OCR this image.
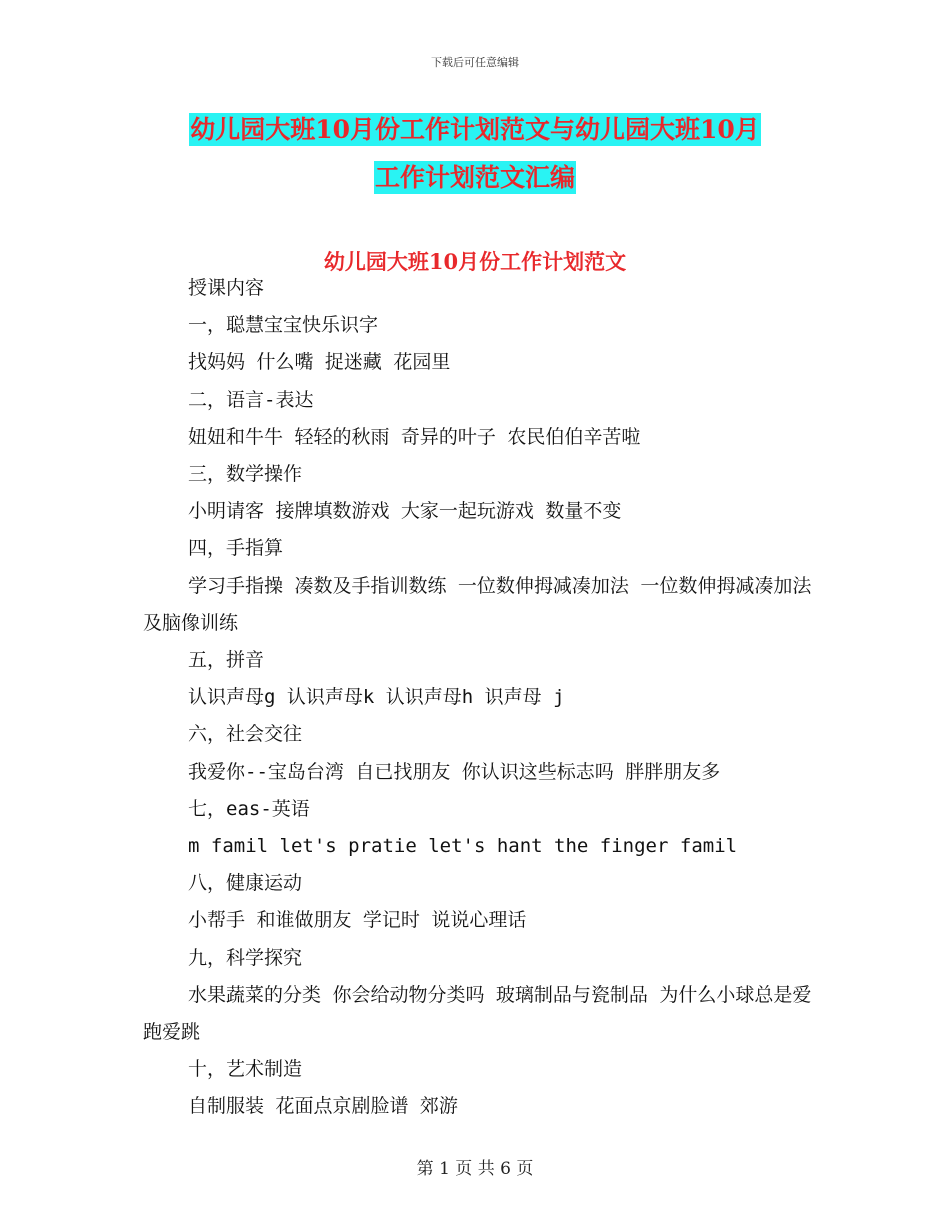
下载后可任意编辑
幼儿园大班10月份工作计划范文与幼儿园大班10月
工作计划范文汇编
幼儿园大班10月份工作计划范文

授课内容

一，聪慧宝宝快乐识字

找妈妈 什么嘴 捉迷藏 花园里

二，语言-表达

妞妞和牛牛 轻轻的秋雨 奇异的叶子 农民伯伯辛苦啦

三，数学操作

小明请客 接牌填数游戏 大家一起玩游戏 数量不变

四，手指算

学习手指操 凑数及手指训数练 一位数伸拇减凑加法 一位数伸拇减凑加法及脑像训练

五，拼音

认识声母g 认识声母k 认识声母h 识声母 j

六，社会交往

我爱你--宝岛台湾 自已找朋友 你认识这些标志吗 胖胖朋友多

七，eas-英语

m famil let's pratie let's hant the finger famil

八，健康运动

小帮手 和谁做朋友 学记时 说说心理话

九，科学探究

水果蔬菜的分类 你会给动物分类吗 玻璃制品与瓷制品 为什么小球总是爱跑爱跳

十，艺术制造

自制服装 花面点京剧脸谱 郊游

第 1 页 共 6 页
